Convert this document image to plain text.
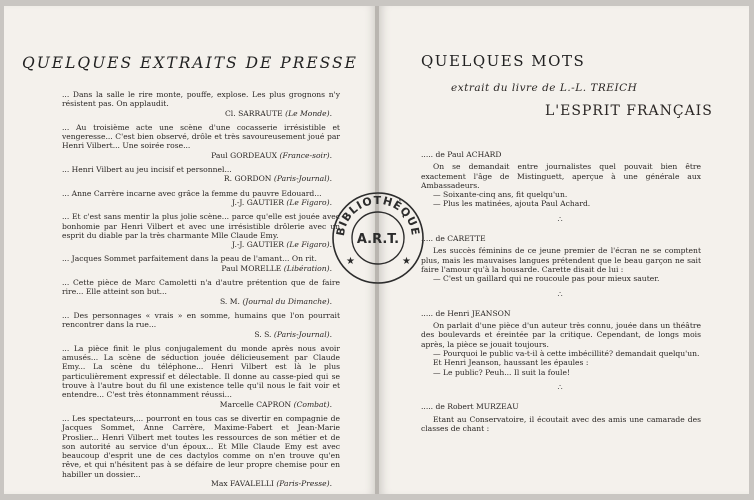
QUELQUES EXTRAITS DE PRESSE

... Dans la salle le rire monte, pouffe, explose. Les plus grognons n'y résistent pas. On applaudit.

Cl. SARRAUTE (Le Monde).

... Au troisième acte une scène d'une cocasserie irrésistible et vengeresse... C'est bien observé, drôle et très savoureusement joué par Henri Vilbert... Une soirée rose...

Paul GORDEAUX (France-soir).

... Henri Vilbert au jeu incisif et personnel...

R. GORDON (Paris-Journal).

... Anne Carrère incarne avec grâce la femme du pauvre Edouard...

J.-J. GAUTIER (Le Figaro).

... Et c'est sans mentir la plus jolie scène... parce qu'elle est jouée avec bonhomie par Henri Vilbert et avec une irrésistible drôlerie avec un esprit du diable par la très charmante Mlle Claude Emy.

J.-J. GAUTIER (Le Figaro).

... Jacques Sommet parfaitement dans la peau de l'amant... On rit.

Paul MORELLE (Libération).

... Cette pièce de Marc Camoletti n'a d'autre prétention que de faire rire... Elle atteint son but...

S. M. (Journal du Dimanche).

... Des personnages « vrais » en somme, humains que l'on pourrait rencontrer dans la rue...

S. S. (Paris-Journal).

... La pièce finit le plus conjugalement du monde après nous avoir amusés... La scène de séduction jouée délicieusement par Claude Emy... La scène du téléphone... Henri Vilbert est là le plus particulièrement expressif et délectable. Il donne au casse-pied qui se trouve à l'autre bout du fil une existence telle qu'il nous le fait voir et entendre... C'est très étonnamment réussi...

Marcelle CAPRON (Combat).

... Les spectateurs,... pourront en tous cas se divertir en compagnie de Jacques Sommet, Anne Carrère, Maxime-Fabert et Jean-Marie Proslier... Henri Vilbert met toutes les ressources de son métier et de son autorité au service d'un époux... Et Mlle Claude Emy est avec beaucoup d'esprit une de ces dactylos comme on n'en trouve qu'en rêve, et qui n'hésitent pas à se défaire de leur propre chemise pour en habiller un dossier...

Max FAVALELLI (Paris-Presse).

QUELQUES MOTS
extrait du livre de L.-L. TREICH
L'ESPRIT FRANÇAIS

..... de Paul ACHARD

On se demandait entre journalistes quel pouvait bien être exactement l'âge de Mistinguett, aperçue à une générale aux Ambassadeurs.

— Soixante-cinq ans, fit quelqu'un.

— Plus les matinées, ajouta Paul Achard.

∴

..... de CARETTE

Les succès féminins de ce jeune premier de l'écran ne se comptent plus, mais les mauvaises langues prétendent que le beau garçon ne sait faire l'amour qu'à la housarde. Carette disait de lui :

— C'est un gaillard qui ne roucoule pas pour mieux sauter.

∴

..... de Henri JEANSON

On parlait d'une pièce d'un auteur très connu, jouée dans un théâtre des boulevards et éreintée par la critique. Cependant, de longs mois après, la pièce se jouait toujours.

— Pourquoi le public va-t-il à cette imbécillité? demandait quelqu'un.

Et Henri Jeanson, haussant les épaules :

— Le public? Peuh... Il suit la foule!

∴

..... de Robert MURZEAU

Etant au Conservatoire, il écoutait avec des amis une camarade des classes de chant :

BIBLIOTHÈQUE
A.R.T.
★	★
